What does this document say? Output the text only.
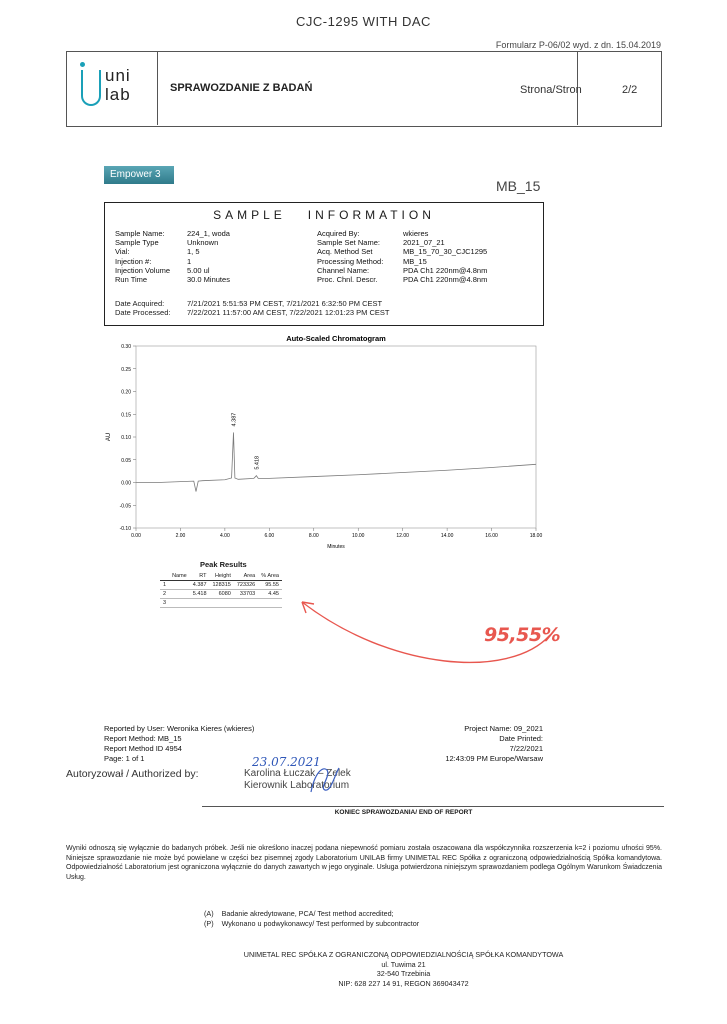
CJC-1295 WITH DAC
Formularz P-06/02 wyd. z dn. 15.04.2019
uni
lab	SPRAWOZDANIE Z BADAŃ	Strona/Stron	2/2
Empower 3
MB_15
SAMPLE   INFORMATION
Sample Name:	224_1, woda	Acquired By:	wkieres
Sample Type	Unknown	Sample Set Name:	2021_07_21
Vial:	1, 5	Acq. Method Set	MB_15_70_30_CJC1295
Injection #:	1	Processing Method:	MB_15
Injection Volume	5.00 ul	Channel Name:	PDA Ch1 220nm@4.8nm
Run Time	30.0 Minutes	Proc. Chnl. Descr.	PDA Ch1 220nm@4.8nm
Date Acquired:	7/21/2021 5:51:53 PM CEST, 7/21/2021 6:32:50 PM CEST
Date Processed:	7/22/2021 11:57:00 AM CEST, 7/22/2021 12:01:23 PM CEST
Auto-Scaled Chromatogram
0.30
0.25
0.20
0.15
0.10
0.05
0.00
-0.05
-0.10
0.00	2.00	4.00	6.00	8.00	10.00	12.00	14.00	16.00	18.00
Minutes
AU
4.387
5.418
Peak Results
	Name	RT	Height	Area	% Area
1		4.387	128315	723326	95.55
2		5.418	6080	33703	4.45
3					
95,55%
Reported by User: Weronika Kieres (wkieres)
Report Method: MB_15
Report Method ID 4954
Page: 1 of 1
Project Name: 09_2021
Date Printed:
7/22/2021
12:43:09 PM Europe/Warsaw
Autoryzował / Authorized by:
23.07.2021
Karolina Łuczak – Zelek
Kierownik Laboratorium
KONIEC SPRAWOZDANIA/ END OF REPORT
Wyniki odnoszą się wyłącznie do badanych próbek. Jeśli nie określono inaczej podana niepewność pomiaru została oszacowana dla współczynnika rozszerzenia k=2 i poziomu ufności 95%. Niniejsze sprawozdanie nie może być powielane w części bez pisemnej zgody Laboratorium UNILAB firmy UNIMETAL REC Spółka z ograniczoną odpowiedzialnością Spółka komandytowa. Odpowiedzialność Laboratorium jest ograniczona wyłącznie do danych zawartych w jego oryginale. Usługa potwierdzona niniejszym sprawozdaniem podlega Ogólnym Warunkom Świadczenia Usług.
(A)    Badanie akredytowane, PCA/ Test method accredited;
(P)    Wykonano u podwykonawcy/ Test performed by subcontractor
UNIMETAL REC SPÓŁKA Z OGRANICZONĄ ODPOWIEDZIALNOŚCIĄ SPÓŁKA KOMANDYTOWA
ul. Tuwima 21
32-540 Trzebinia
NIP: 628 227 14 91, REGON 369043472
